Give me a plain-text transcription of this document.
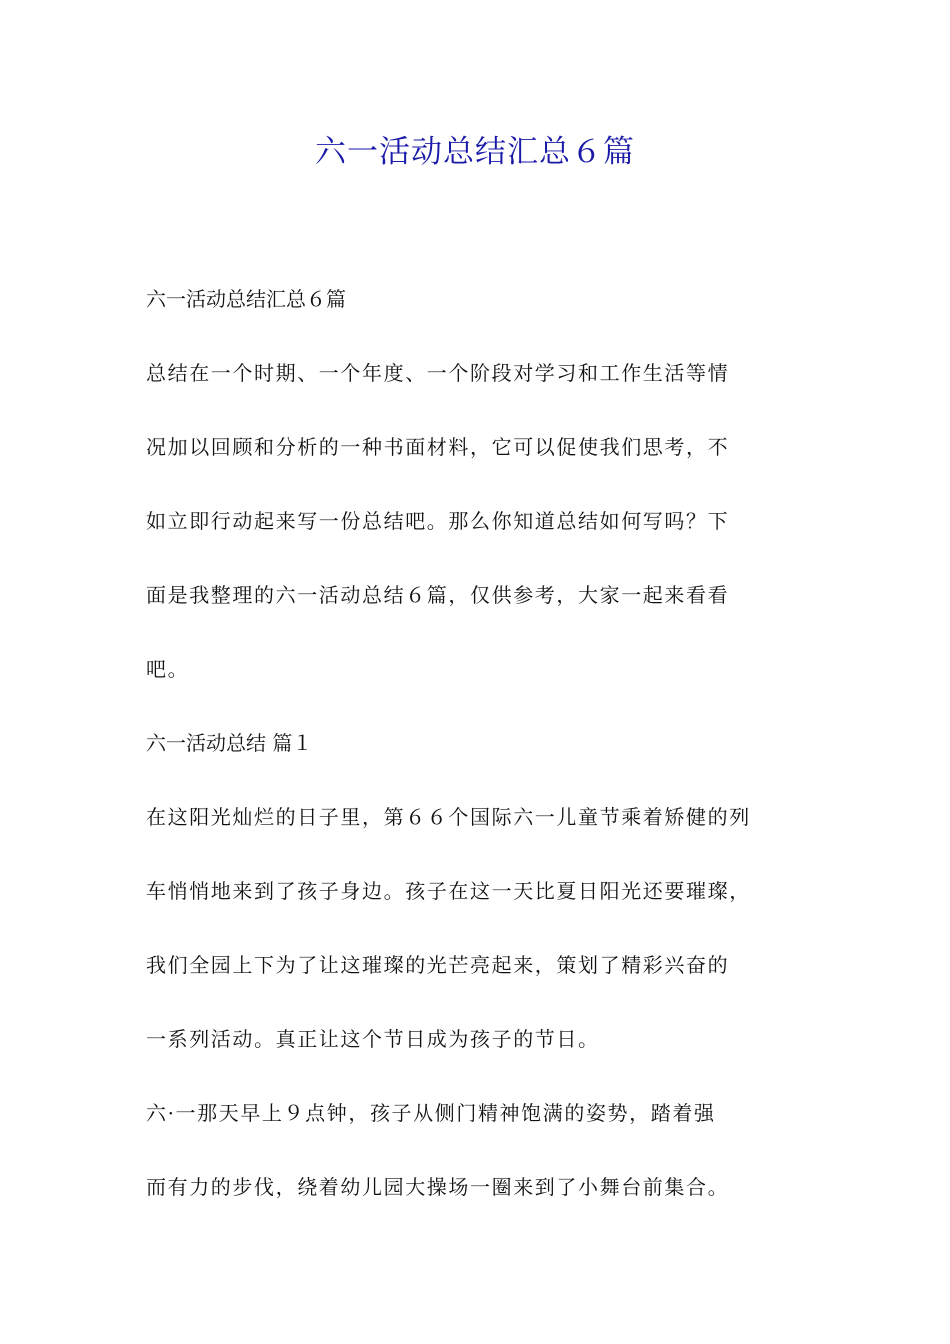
六一活动总结汇总６篇

六一活动总结汇总６篇

总结在一个时期、一个年度、一个阶段对学习和工作生活等情

况加以回顾和分析的一种书面材料，它可以促使我们思考，不

如立即行动起来写一份总结吧。那么你知道总结如何写吗？下

面是我整理的六一活动总结６篇，仅供参考，大家一起来看看

吧。

六一活动总结 篇１

在这阳光灿烂的日子里，第６６个国际六一儿童节乘着矫健的列

车悄悄地来到了孩子身边。孩子在这一天比夏日阳光还要璀璨，

我们全园上下为了让这璀璨的光芒亮起来，策划了精彩兴奋的

一系列活动。真正让这个节日成为孩子的节日。

六·一那天早上９点钟，孩子从侧门精神饱满的姿势，踏着强

而有力的步伐，绕着幼儿园大操场一圈来到了小舞台前集合。
